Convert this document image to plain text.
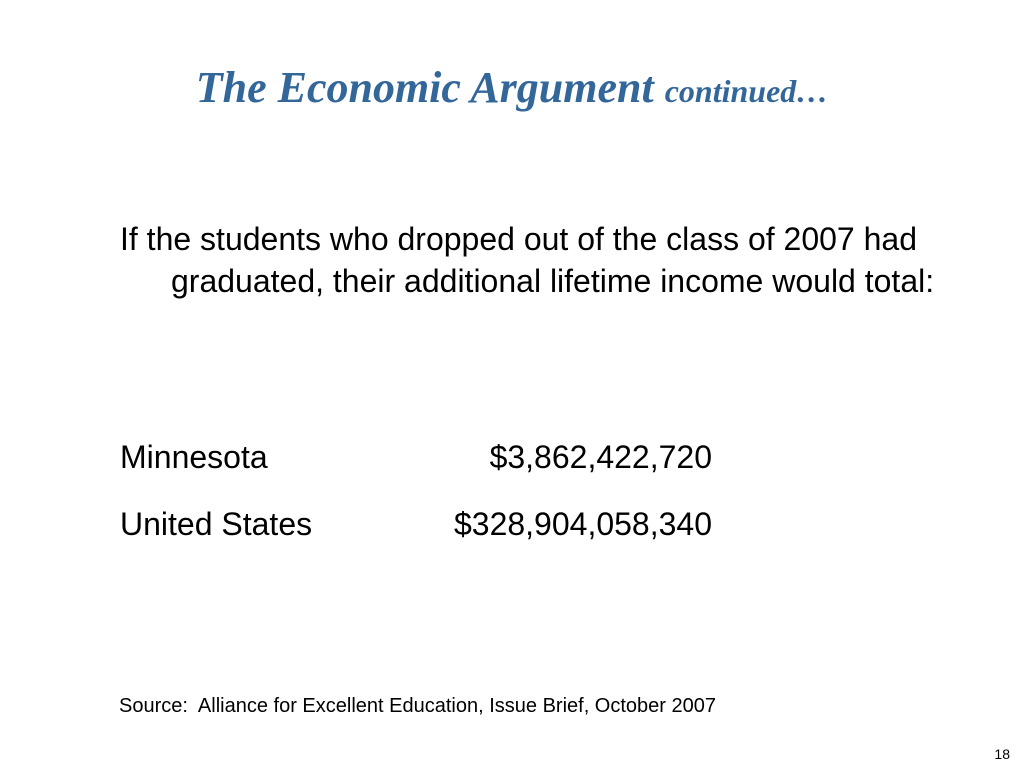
The Economic Argument continued…
If the students who dropped out of the class of 2007 had graduated, their additional lifetime income would total:
Minnesota	$3,862,422,720
United States	$328,904,058,340
Source:  Alliance for Excellent Education, Issue Brief, October 2007
18
